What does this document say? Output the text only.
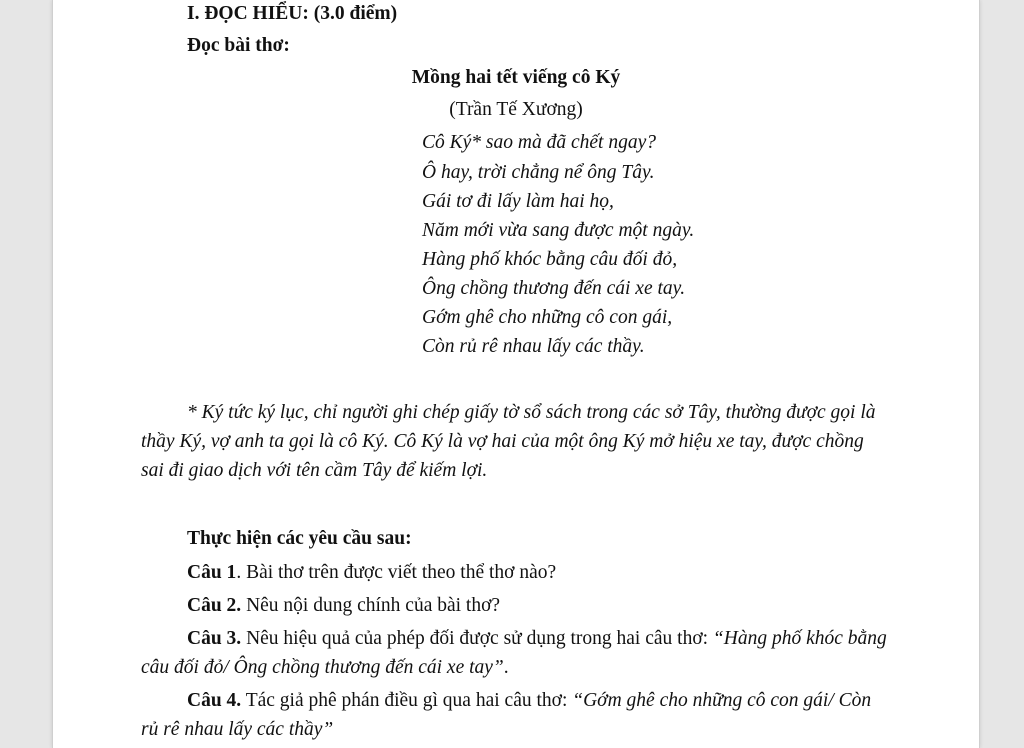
I. ĐỌC HIỂU: (3.0 điểm)
Đọc bài thơ:
Mồng hai tết viếng cô Ký
(Trần Tế Xương)
Cô Ký* sao mà đã chết ngay?
Ô hay, trời chẳng nể ông Tây.
Gái tơ đi lấy làm hai họ,
Năm mới vừa sang được một ngày.
Hàng phố khóc bằng câu đối đỏ,
Ông chồng thương đến cái xe tay.
Gớm ghê cho những cô con gái,
Còn rủ rê nhau lấy các thầy.
* Ký tức ký lục, chỉ người ghi chép giấy tờ sổ sách trong các sở Tây, thường được gọi là
thầy Ký, vợ anh ta gọi là cô Ký. Cô Ký là vợ hai của một ông Ký mở hiệu xe tay, được chồng
sai đi giao dịch với tên cầm Tây để kiếm lợi.
Thực hiện các yêu cầu sau:
Câu 1. Bài thơ trên được viết theo thể thơ nào?
Câu 2. Nêu nội dung chính của bài thơ?
Câu 3. Nêu hiệu quả của phép đối được sử dụng trong hai câu thơ: “Hàng phố khóc bằng
câu đối đỏ/ Ông chồng thương đến cái xe tay”.
Câu 4. Tác giả phê phán điều gì qua hai câu thơ: “Gớm ghê cho những cô con gái/ Còn
rủ rê nhau lấy các thầy”
